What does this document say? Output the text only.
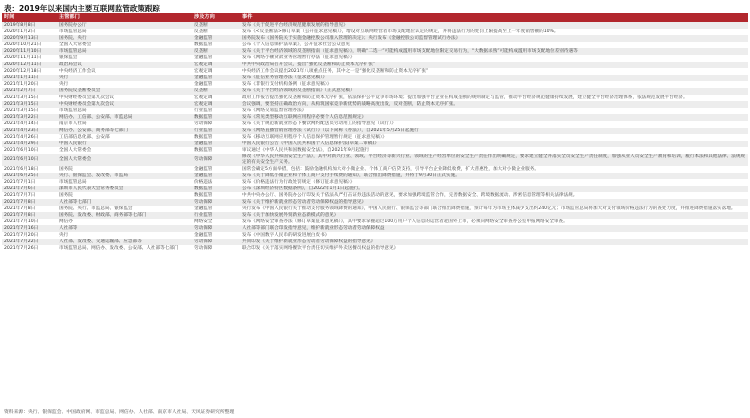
表：2019年以来国内主要互联网监管政策跟踪
时间	主管部门	涉及方向	事件
2019年8月8日	国务院办公厅	反垄断	发布《关于促进平台经济规范健康发展的指导意见》
2020年1月2日	市场监管总局	反垄断	发布《<反垄断法>修订草案（公开征求意见稿）》，增设对互联网经营者市场支配地位认定的规定，并将违法行为的处罚上限提高至上一年度销售额的10%。
2020年9月13日	国务院、央行	金融监管	国务院发布《国务院关于实施金融控股公司准入管理的决定》；央行发布《金融控股公司监督管理试行办法》
2020年10月21日	全国人大常委会	数据监管	公布《个人信息保护法草案》，公开征求社会公众意见
2020年11月10日	市场监管总局	反垄断	发布《关于平台经济领域的反垄断指南（征求意见稿）》，明确“二选一”可能构成滥用市场支配地位限定交易行为，“大数据杀熟”可能构成滥用市场支配地位差别待遇等
2020年11月11日	银保监会	金融监管	发布《网络小额贷款业务管理暂行办法（征求意见稿）》
2020年12月11日	政治局会议	宏观定调	中共中央政治局召开会议，提出“强化反垄断和防止资本无序扩张”
2020年12月18日	中央经济工作会议	宏观定调	中央经济工作会议提出2021年八项重点任务，其中之一是“强化反垄断和防止资本无序扩张”
2021年1月11日	央行	金融监管	发布《征信业务管理办法（征求意见稿）》
2021年1月20日	央行	金融监管	发布《非银行支付机构条例（征求意见稿）》
2021年2月7日	国务院反垄断委员会	反垄断	发布《关于平台经济领域的反垄断指南》（正式意见稿）
2021年3月15日	中央财经委员会第九次会议	宏观定调	政府工作报告提出强化反垄断和防止资本无序扩张，依法保护公平竞争市场环境；提出加强平台企业在构成垄断的规则制定与监管，推动平台经济规范健康持续发展，建立健全平台经济治理体系，依法规范发展平台经济。
2021年3月15日	中央财经委员会第九次会议	宏观定调	会议强调，要坚持正确政治方向，从构筑国家竞争新优势的战略高度出发，反对垄断，防止资本无序扩张。
2021年3月15日	市场监管总局	行业监管	发布《网络交易监督管理办法》
2021年3月22日	网信办、工信部、公安部、市监总局	数据监管	发布《常见类型移动互联网应用程序必要个人信息范围规定》
2021年4月14日	南京市人社局	劳动保障	发布《关于规范新就业形态下餐饮网约配送员劳动用工的指导意见（试行）》
2021年4月23日	网信办、公安部、商务部等七部门	行业监管	发布《网络直播营销管理办法（试行）》（以下简称《办法》），自2021年5月25日起施行
2021年4月26日	工信部信息化部、公安部	数据监管	发布《移动互联网应用程序个人信息保护管理暂行规定（征求意见稿）》
2021年4月29日	中国人民银行	金融监管	中国人民银行公告《中国人民共和国个人信息保护法(草案二审稿)》
2021年6月10日	全国人大常委会	数据监管	审议通过《中华人民共和国数据安全法》，自2021年9月起施行
2021年6月10日	全国人大常委会	劳动保障	修改《中华人民共和国安全生产法》，其中对新兴行业、领域、平台经济等新兴行业、领域的生产经营单位的安全生产责任作出明确规定，要求建立健全并落实全员安全生产责任制度，加强从业人员安全生产教育和培训，履行本法和其他法律、法规规定的有关安全生产义务。
2021年6月18日	国务院	金融监管	国常会确定5方面举措，包括：鼓励金融机构加大对小微企业、个体工商户信贷支持，引导平台企业降低收费，扩大普惠性，加大对小微企业服务。
2021年6月25日	央行、银保监会、发改委、市监局	金融监管	发布《关于降低小微企业和个体工商户支付手续费的通知》，联合推出降费措施，并将于9月30日正式实施。
2021年7月1日	市场监管总局	价格违法	发布《价格违法行为行政处罚规定（修订征求意见稿）》
2021年7月6日	深圳市人民代表大会常务委员会	数据监管	公布《深圳经济特区数据条例》，自2022年1月1日起施行。
2021年7月7日	国务院	数据监管	中共中央办公厅、国务院办公厅印发关于依法从严打击证券违法活动的意见，要求加强跨境监管合作，完善数据安全、跨境数据流动、涉密信息管理等相关法律法规。
2021年7月8日	人社部等七部门	劳动保障	发布《关于维护新就业形态劳动者劳动保障权益的指导意见》
2021年7月8日	国务院、央行、市监总局、银保监会	金融监管	央行发布《中国人民银行关于推动支付服务领域降费的通知》，中国人民银行、银保监会等部门联合推出降费措施，预计每年为市场主体减少支出约240亿元；市场监管总局将加大对支付领域价格违法行为的查处力度，并推进降费措施落实落地。
2021年7月8日	国务院、发改委、财政部、商务部等七部门	行业监管	发布《关于加快发展外贸新业态新模式的意见》
2021年7月10日	网信办	网络安全	发布《网络安全审查办法（修订草案征求意见稿）》，其中要求掌握超过100万用户个人信息的运营者赴国外上市，必须向网络安全审查办公室申报网络安全审查。
2021年7月16日	人社部等	劳动保障	人社部等部门联合印发指导意见，维护新就业形态劳动者劳动保障权益
2021年7月20日	央行	金融监管	发布《中国数字人民币的研发进展白皮书》
2021年7月22日	人社部、发改委、交通运输部、应急部等	劳动保障	共同印发《关于维护新就业形态劳动者劳动保障权益的指导意见》
2021年7月26日	市场监管总局、网信办、发改委、公安部、人社部等七部门	劳动保障	联合印发《关于落实网络餐饮平台责任切实维护外卖送餐员权益的指导意见》
资料来源：央行、银保监会、中国政府网、市监总局、网信办、人社部、南京市人社局、天风证券研究所整理
